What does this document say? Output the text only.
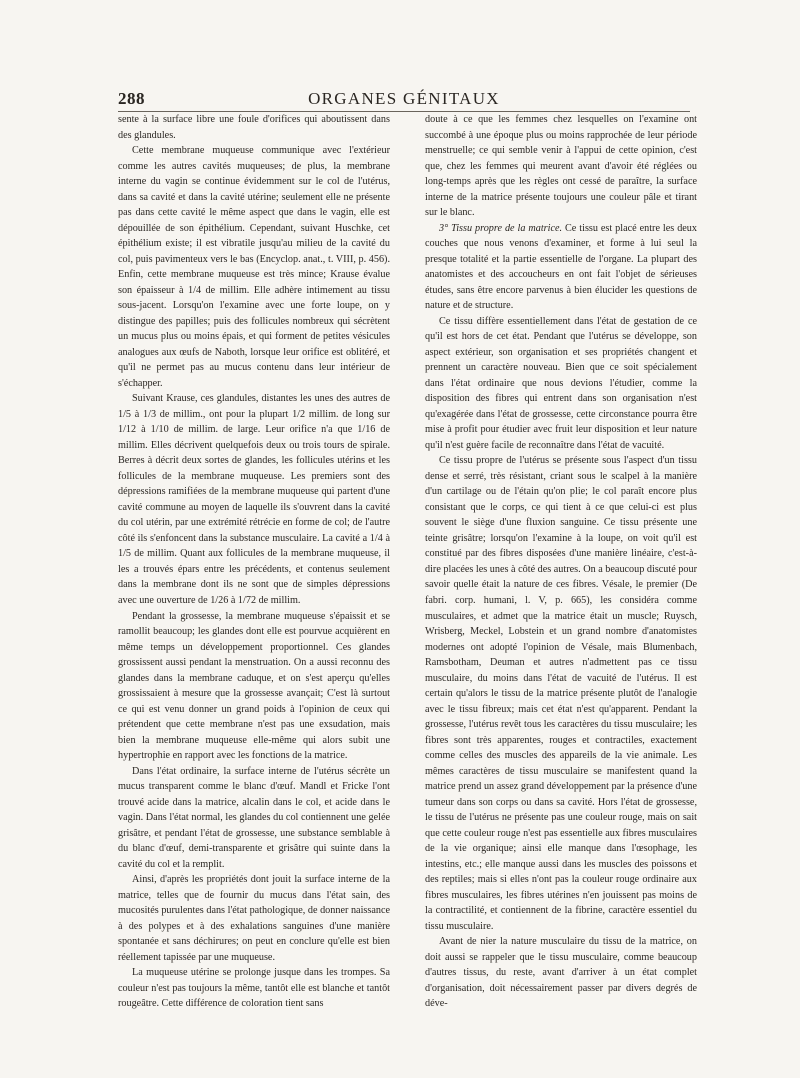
288	ORGANES GÉNITAUX

sente à la surface libre une foule d'orifices qui aboutissent dans des glandules.

Cette membrane muqueuse communique avec l'extérieur comme les autres cavités muqueuses; de plus, la membrane interne du vagin se continue évidemment sur le col de l'utérus, dans sa cavité et dans la cavité utérine; seulement elle ne présente pas dans cette cavité le même aspect que dans le vagin, elle est dépouillée de son épithélium. Cependant, suivant Huschke, cet épithélium existe; il est vibratile jusqu'au milieu de la cavité du col, puis pavimenteux vers le bas (Encyclop. anat., t. VIII, p. 456). Enfin, cette membrane muqueuse est très mince; Krause évalue son épaisseur à 1/4 de millim. Elle adhère intimement au tissu sous-jacent. Lorsqu'on l'examine avec une forte loupe, on y distingue des papilles; puis des follicules nombreux qui sécrètent un mucus plus ou moins épais, et qui forment de petites vésicules analogues aux œufs de Naboth, lorsque leur orifice est oblitéré, et qu'il ne permet pas au mucus contenu dans leur intérieur de s'échapper.

Suivant Krause, ces glandules, distantes les unes des autres de 1/5 à 1/3 de millim., ont pour la plupart 1/2 millim. de long sur 1/12 à 1/10 de millim. de large. Leur orifice n'a que 1/16 de millim. Elles décrivent quelquefois deux ou trois tours de spirale. Berres à décrit deux sortes de glandes, les follicules utérins et les follicules de la membrane muqueuse. Les premiers sont des dépressions ramifiées de la membrane muqueuse qui partent d'une cavité commune au moyen de laquelle ils s'ouvrent dans la cavité du col utérin, par une extrémité rétrécie en forme de col; de l'autre côté ils s'enfoncent dans la substance musculaire. La cavité a 1/4 à 1/5 de millim. Quant aux follicules de la membrane muqueuse, il les a trouvés épars entre les précédents, et contenus seulement dans la membrane dont ils ne sont que de simples dépressions avec une ouverture de 1/26 à 1/72 de millim.

Pendant la grossesse, la membrane muqueuse s'épaissit et se ramollit beaucoup; les glandes dont elle est pourvue acquièrent en même temps un développement proportionnel. Ces glandes grossissent aussi pendant la menstruation. On a aussi reconnu des glandes dans la membrane caduque, et on s'est aperçu qu'elles grossissaient à mesure que la grossesse avançait; C'est là surtout ce qui est venu donner un grand poids à l'opinion de ceux qui prétendent que cette membrane n'est pas une exsudation, mais bien la membrane muqueuse elle-même qui alors subit une hypertrophie en rapport avec les fonctions de la matrice.

Dans l'état ordinaire, la surface interne de l'utérus sécrète un mucus transparent comme le blanc d'œuf. Mandl et Fricke l'ont trouvé acide dans la matrice, alcalin dans le col, et acide dans le vagin. Dans l'état normal, les glandes du col contiennent une gelée grisâtre, et pendant l'état de grossesse, une substance semblable à du blanc d'œuf, demi-transparente et grisâtre qui suinte dans la cavité du col et la remplit.

Ainsi, d'après les propriétés dont jouit la surface interne de la matrice, telles que de fournir du mucus dans l'état sain, des mucosités purulentes dans l'état pathologique, de donner naissance à des polypes et à des exhalations sanguines d'une manière spontanée et sans déchirures; on peut en conclure qu'elle est bien réellement tapissée par une muqueuse.

La muqueuse utérine se prolonge jusque dans les trompes. Sa couleur n'est pas toujours la même, tantôt elle est blanche et tantôt rougeâtre. Cette différence de coloration tient sans

doute à ce que les femmes chez lesquelles on l'examine ont succombé à une époque plus ou moins rapprochée de leur période menstruelle; ce qui semble venir à l'appui de cette opinion, c'est que, chez les femmes qui meurent avant d'avoir été réglées ou long-temps après que les règles ont cessé de paraître, la surface interne de la matrice présente toujours une couleur pâle et tirant sur le blanc.

3° Tissu propre de la matrice. Ce tissu est placé entre les deux couches que nous venons d'examiner, et forme à lui seul la presque totalité et la partie essentielle de l'organe. La plupart des anatomistes et des accoucheurs en ont fait l'objet de sérieuses études, sans être encore parvenus à bien élucider les questions de nature et de structure.

Ce tissu diffère essentiellement dans l'état de gestation de ce qu'il est hors de cet état. Pendant que l'utérus se développe, son aspect extérieur, son organisation et ses propriétés changent et prennent un caractère nouveau. Bien que ce soit spécialement dans l'état ordinaire que nous devions l'étudier, comme la disposition des fibres qui entrent dans son organisation n'est qu'exagérée dans l'état de grossesse, cette circonstance pourra être mise à profit pour étudier avec fruit leur disposition et leur nature qu'il n'est guère facile de reconnaître dans l'état de vacuité.

Ce tissu propre de l'utérus se présente sous l'aspect d'un tissu dense et serré, très résistant, criant sous le scalpel à la manière d'un cartilage ou de l'étain qu'on plie; le col paraît encore plus consistant que le corps, ce qui tient à ce que celui-ci est plus souvent le siège d'une fluxion sanguine. Ce tissu présente une teinte grisâtre; lorsqu'on l'examine à la loupe, on voit qu'il est constitué par des fibres disposées d'une manière linéaire, c'est-à-dire placées les unes à côté des autres. On a beaucoup discuté pour savoir quelle était la nature de ces fibres. Vésale, le premier (De fabri. corp. humani, l. V, p. 665), les considéra comme musculaires, et admet que la matrice était un muscle; Ruysch, Wrisberg, Meckel, Lobstein et un grand nombre d'anatomistes modernes ont adopté l'opinion de Vésale, mais Blumenbach, Ramsbotham, Deuman et autres n'admettent pas ce tissu musculaire, du moins dans l'état de vacuité de l'utérus. Il est certain qu'alors le tissu de la matrice présente plutôt de l'analogie avec le tissu fibreux; mais cet état n'est qu'apparent. Pendant la grossesse, l'utérus revêt tous les caractères du tissu musculaire; les fibres sont très apparentes, rouges et contractiles, exactement comme celles des muscles des appareils de la vie animale. Les mêmes caractères de tissu musculaire se manifestent quand la matrice prend un assez grand développement par la présence d'une tumeur dans son corps ou dans sa cavité. Hors l'état de grossesse, le tissu de l'utérus ne présente pas une couleur rouge, mais on sait que cette couleur rouge n'est pas essentielle aux fibres musculaires de la vie organique; ainsi elle manque dans l'œsophage, les intestins, etc.; elle manque aussi dans les muscles des poissons et des reptiles; mais si elles n'ont pas la couleur rouge ordinaire aux fibres musculaires, les fibres utérines n'en jouissent pas moins de la contractilité, et contiennent de la fibrine, caractère essentiel du tissu musculaire.

Avant de nier la nature musculaire du tissu de la matrice, on doit aussi se rappeler que le tissu musculaire, comme beaucoup d'autres tissus, du reste, avant d'arriver à un état complet d'organisation, doit nécessairement passer par divers degrés de déve-
